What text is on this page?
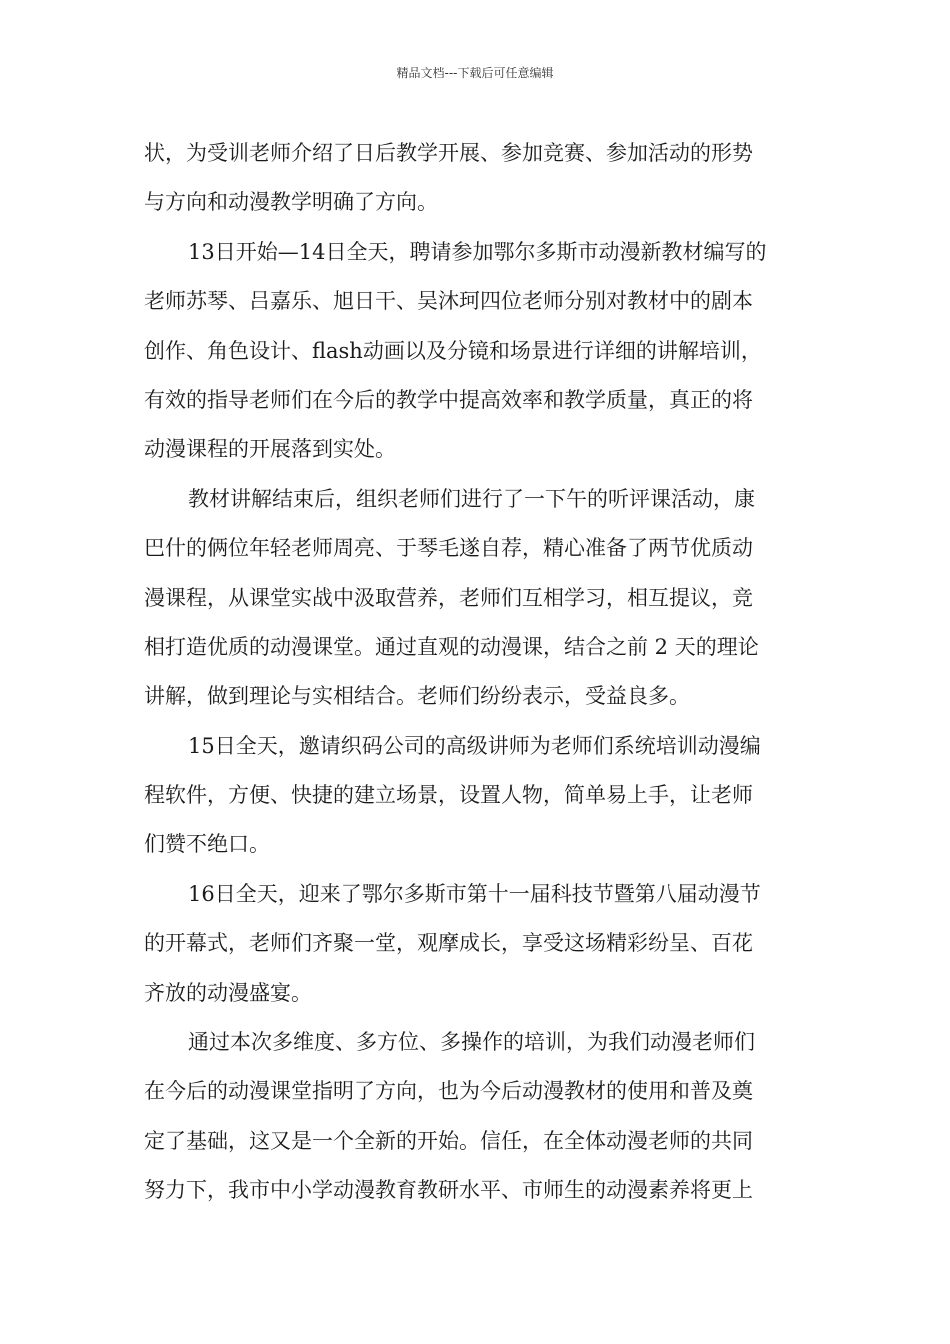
精品文档---下载后可任意编辑
状，为受训老师介绍了日后教学开展、参加竞赛、参加活动的形势
与方向和动漫教学明确了方向。
13日开始—14日全天，聘请参加鄂尔多斯市动漫新教材编写的
老师苏琴、吕嘉乐、旭日干、吴沐珂四位老师分别对教材中的剧本
创作、角色设计、flash动画以及分镜和场景进行详细的讲解培训，
有效的指导老师们在今后的教学中提高效率和教学质量，真正的将
动漫课程的开展落到实处。
教材讲解结束后，组织老师们进行了一下午的听评课活动，康
巴什的俩位年轻老师周亮、于琴毛遂自荐，精心准备了两节优质动
漫课程，从课堂实战中汲取营养，老师们互相学习，相互提议，竞
相打造优质的动漫课堂。通过直观的动漫课，结合之前 2 天的理论
讲解，做到理论与实相结合。老师们纷纷表示，受益良多。
15日全天，邀请织码公司的高级讲师为老师们系统培训动漫编
程软件，方便、快捷的建立场景，设置人物，简单易上手，让老师
们赞不绝口。
16日全天，迎来了鄂尔多斯市第十一届科技节暨第八届动漫节
的开幕式，老师们齐聚一堂，观摩成长，享受这场精彩纷呈、百花
齐放的动漫盛宴。
通过本次多维度、多方位、多操作的培训，为我们动漫老师们
在今后的动漫课堂指明了方向，也为今后动漫教材的使用和普及奠
定了基础，这又是一个全新的开始。信任，在全体动漫老师的共同
努力下，我市中小学动漫教育教研水平、市师生的动漫素养将更上
